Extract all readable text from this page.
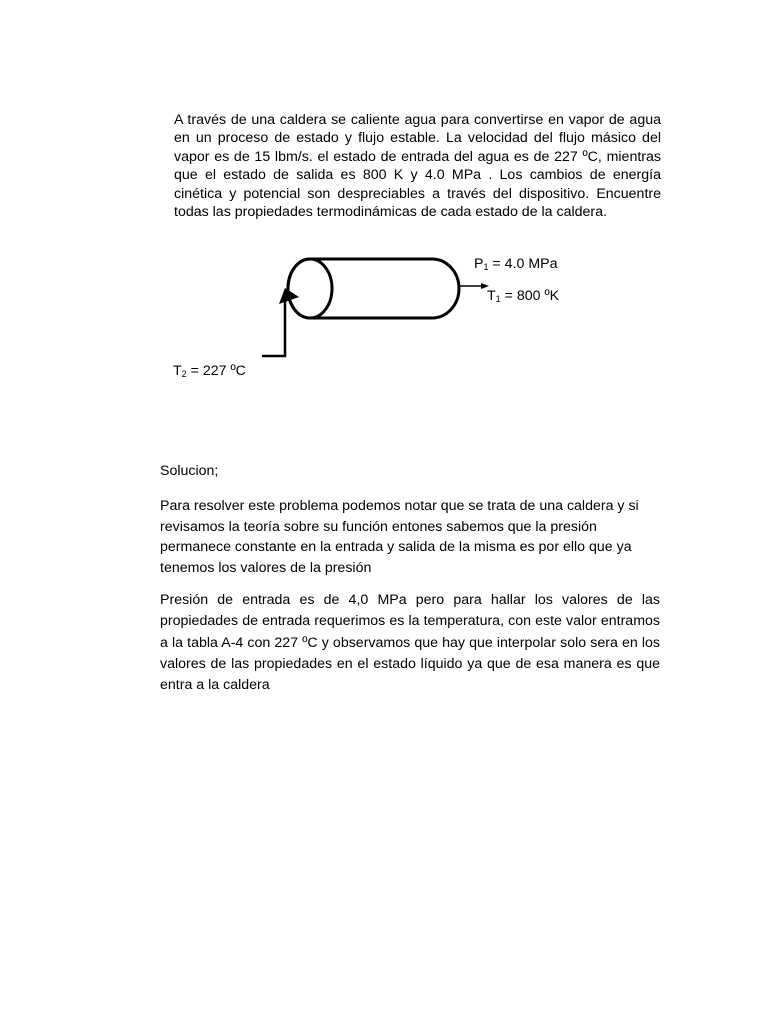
A través de una caldera se caliente agua para convertirse en vapor de agua en un proceso de estado y flujo estable. La velocidad del flujo másico del vapor es de 15 lbm/s. el estado de entrada del agua es de 227 ºC, mientras que el estado de salida es 800 K y 4.0 MPa . Los cambios de energía cinética y potencial son despreciables a través del dispositivo. Encuentre todas las propiedades termodinámicas de cada estado de la caldera.

$P_1 = 4.0$ MPa
$T_1 = 800$ ºK
$T_2 = 227$ ºC

Solucion;

Para resolver este problema podemos notar que se trata de una caldera y si revisamos la teoría sobre su función entones sabemos que la presión permanece constante en la entrada y salida de la misma es por ello que ya tenemos los valores de la presión

Presión de entrada es de 4,0 MPa pero para hallar los valores de las propiedades de entrada requerimos es la temperatura, con este valor entramos a la tabla A-4 con 227 ºC y observamos que hay que interpolar solo sera en los valores de las propiedades en el estado líquido ya que de esa manera es que entra a la caldera
